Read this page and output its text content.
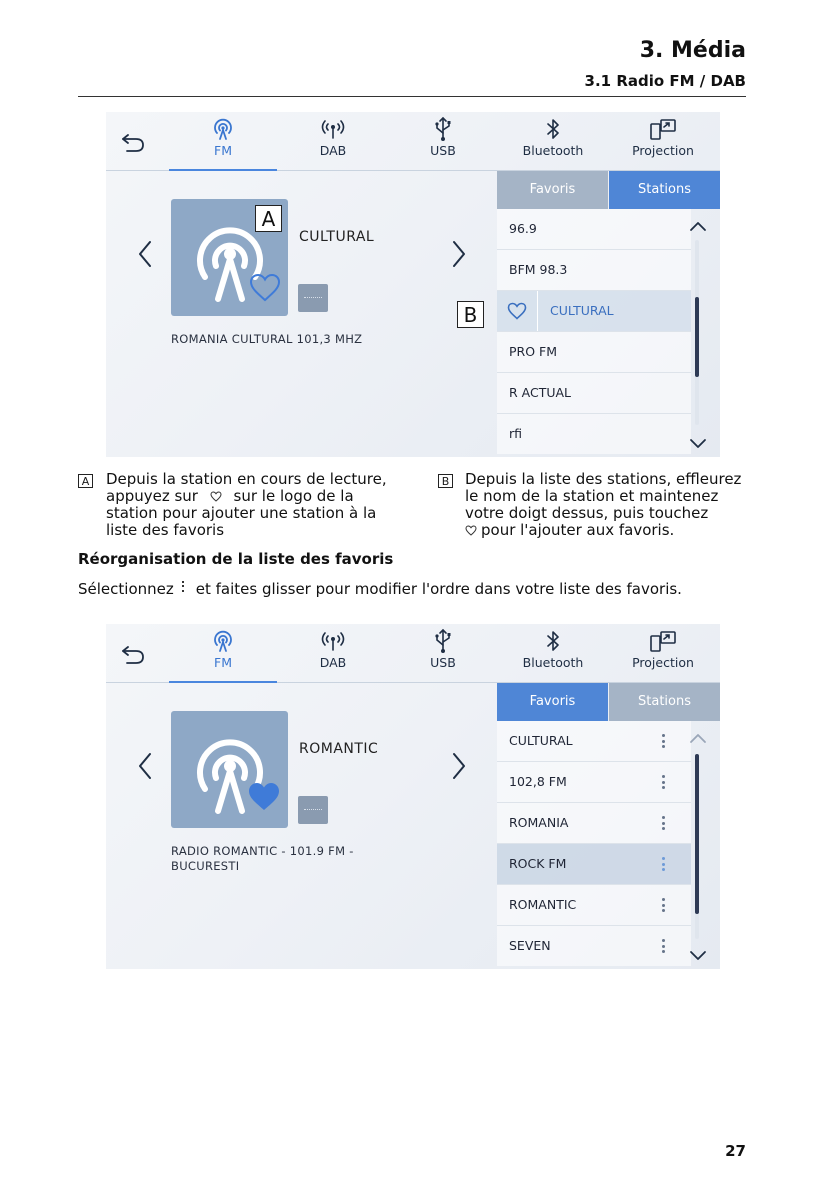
3. Média
3.1 Radio FM / DAB
FM	DAB	USB	Bluetooth	Projection
CULTURAL
ROMANIA CULTURAL 101,3 MHZ
Favoris	Stations
96.9
BFM 98.3
CULTURAL
PRO FM
R ACTUAL
rfi
A
B
A Depuis la station en cours de lecture,
appuyez sur sur le logo de la
station pour ajouter une station à la
liste des favoris
B Depuis la liste des stations, effleurez
le nom de la station et maintenez
votre doigt dessus, puis touchez
pour l'ajouter aux favoris.
Réorganisation de la liste des favoris
Sélectionnez et faites glisser pour modifier l'ordre dans votre liste des favoris.
FM	DAB	USB	Bluetooth	Projection
ROMANTIC
RADIO ROMANTIC - 101.9 FM -
BUCURESTI
Favoris	Stations
CULTURAL
102,8 FM
ROMANIA
ROCK FM
ROMANTIC
SEVEN
27
